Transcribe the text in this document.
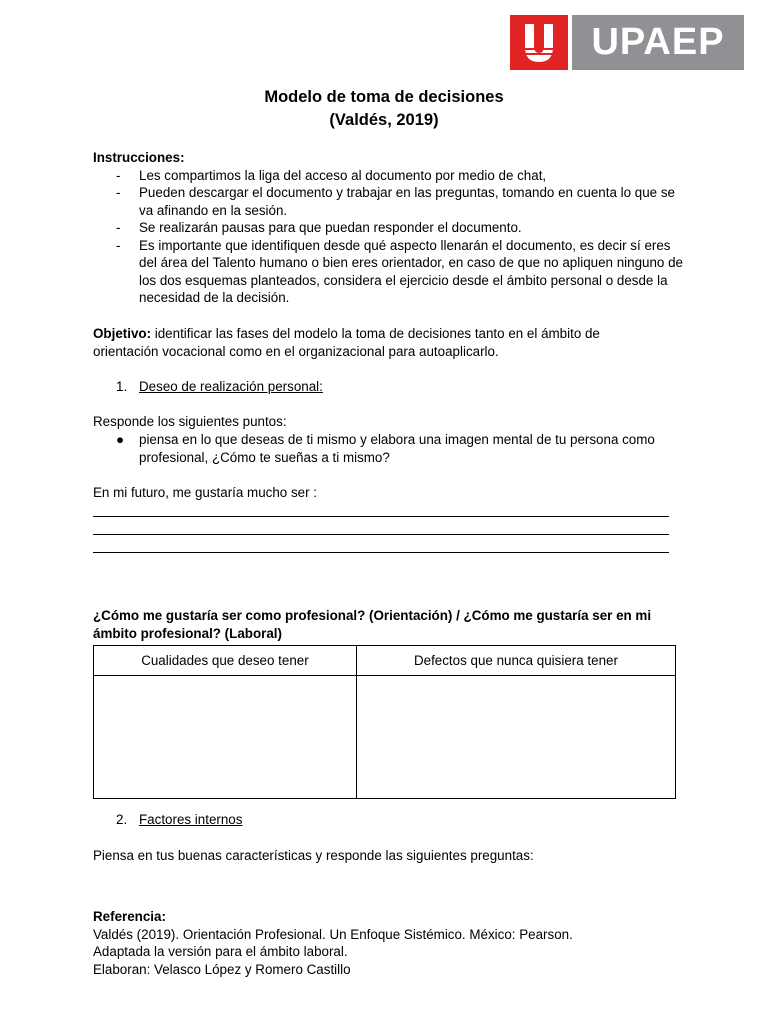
UPAEP
Modelo de toma de decisiones
(Valdés, 2019)
Instrucciones:
- Les compartimos la liga del acceso al documento por medio de chat,
- Pueden descargar el documento y trabajar en las preguntas, tomando en cuenta lo que se va afinando en la sesión.
- Se realizarán pausas para que puedan responder el documento.
- Es importante que identifiquen desde qué aspecto llenarán el documento, es decir sí eres del área del Talento humano o bien eres orientador, en caso de que no apliquen ninguno de los dos esquemas planteados, considera el ejercicio desde el ámbito personal o desde la necesidad de la decisión.
Objetivo: identificar las fases del modelo la toma de decisiones tanto en el ámbito de orientación vocacional como en el organizacional para autoaplicarlo.
1. Deseo de realización personal:
Responde los siguientes puntos:
●	piensa en lo que deseas de ti mismo y elabora una imagen mental de tu persona como profesional, ¿Cómo te sueñas a ti mismo?
En mi futuro, me gustaría mucho ser :
¿Cómo me gustaría ser como profesional? (Orientación) / ¿Cómo me gustaría ser en mi ámbito profesional? (Laboral)
Cualidades que deseo tener	Defectos que nunca quisiera tener

2. Factores internos
Piensa en tus buenas características y responde las siguientes preguntas:
Referencia:
Valdés (2019). Orientación Profesional. Un Enfoque Sistémico. México: Pearson.
Adaptada la versión para el ámbito laboral.
Elaboran: Velasco López y Romero Castillo
